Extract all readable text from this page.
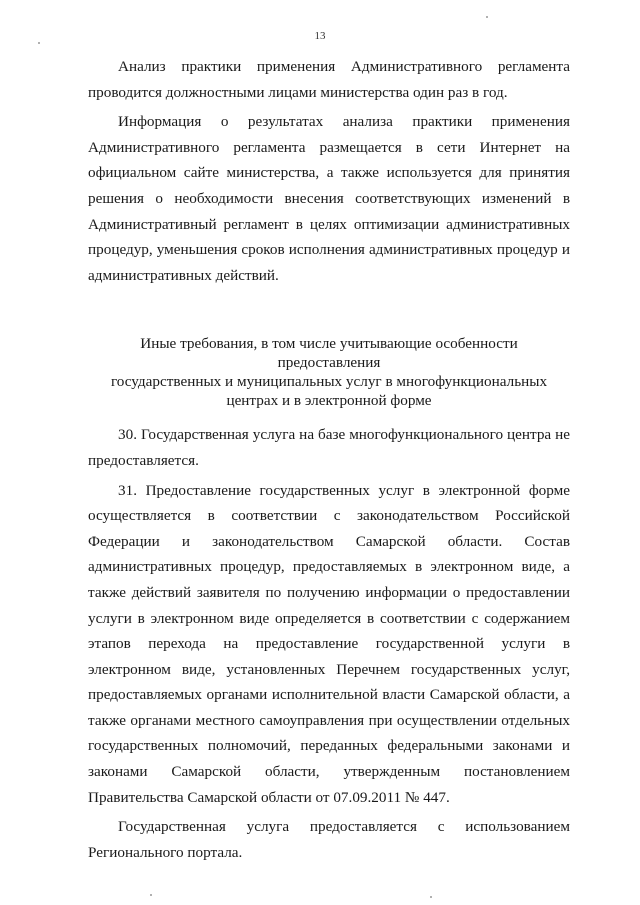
13

Анализ практики применения Административного регламента проводится должностными лицами министерства один раз в год.

Информация о результатах анализа практики применения Административного регламента размещается в сети Интернет на официальном сайте министерства, а также используется для принятия решения о необходимости внесения соответствующих изменений в Административный регламент в целях оптимизации административных процедур, уменьшения сроков исполнения административных процедур и административных действий.

Иные требования, в том числе учитывающие особенности предоставления
государственных и муниципальных услуг в многофункциональных
центрах и в электронной форме

30. Государственная услуга на базе многофункционального центра не предоставляется.

31. Предоставление государственных услуг в электронной форме осуществляется в соответствии с законодательством Российской Федерации и законодательством Самарской области. Состав административных процедур, предоставляемых в электронном виде, а также действий заявителя по получению информации о предоставлении услуги в электронном виде определяется в соответствии с содержанием этапов перехода на предоставление государственной услуги в электронном виде, установленных Перечнем государственных услуг, предоставляемых органами исполнительной власти Самарской области, а также органами местного самоуправления при осуществлении отдельных государственных полномочий, переданных федеральными законами и законами Самарской области, утвержденным постановлением Правительства Самарской области от 07.09.2011 № 447.

Государственная услуга предоставляется с использованием Регионального портала.
